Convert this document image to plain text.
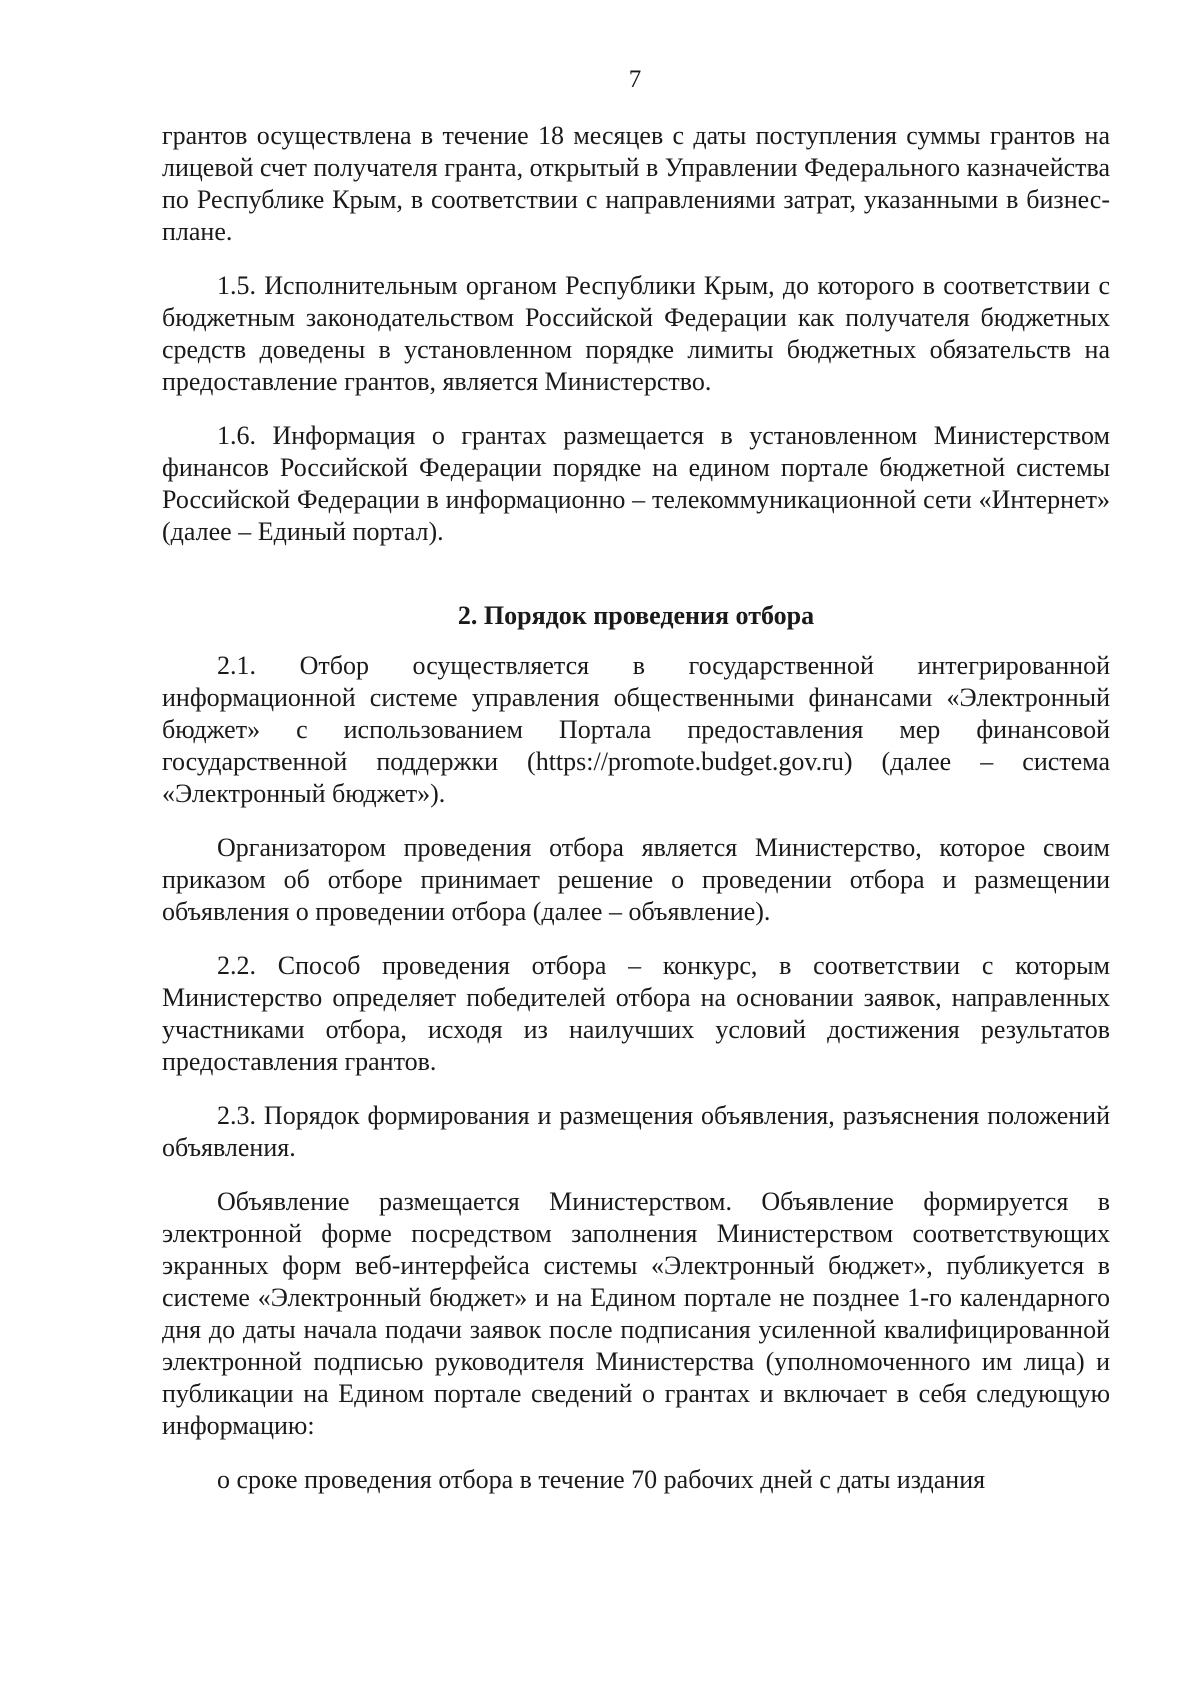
7

грантов осуществлена в течение 18 месяцев с даты поступления суммы грантов на лицевой счет получателя гранта, открытый в Управлении Федерального казначейства по Республике Крым, в соответствии с направлениями затрат, указанными в бизнес-плане.

1.5. Исполнительным органом Республики Крым, до которого в соответствии с бюджетным законодательством Российской Федерации как получателя бюджетных средств доведены в установленном порядке лимиты бюджетных обязательств на предоставление грантов, является Министерство.

1.6. Информация о грантах размещается в установленном Министерством финансов Российской Федерации порядке на едином портале бюджетной системы Российской Федерации в информационно – телекоммуникационной сети «Интернет» (далее – Единый портал).

2. Порядок проведения отбора

2.1. Отбор осуществляется в государственной интегрированной информационной системе управления общественными финансами «Электронный бюджет» с использованием Портала предоставления мер финансовой государственной поддержки (https://promote.budget.gov.ru) (далее – система «Электронный бюджет»).

Организатором проведения отбора является Министерство, которое своим приказом об отборе принимает решение о проведении отбора и размещении объявления о проведении отбора (далее – объявление).

2.2. Способ проведения отбора – конкурс, в соответствии с которым Министерство определяет победителей отбора на основании заявок, направленных участниками отбора, исходя из наилучших условий достижения результатов предоставления грантов.

2.3. Порядок формирования и размещения объявления, разъяснения положений объявления.

Объявление размещается Министерством. Объявление формируется в электронной форме посредством заполнения Министерством соответствующих экранных форм веб-интерфейса системы «Электронный бюджет», публикуется в системе «Электронный бюджет» и на Едином портале не позднее 1-го календарного дня до даты начала подачи заявок после подписания усиленной квалифицированной электронной подписью руководителя Министерства (уполномоченного им лица) и публикации на Едином портале сведений о грантах и включает в себя следующую информацию:

о сроке проведения отбора в течение 70 рабочих дней с даты издания
